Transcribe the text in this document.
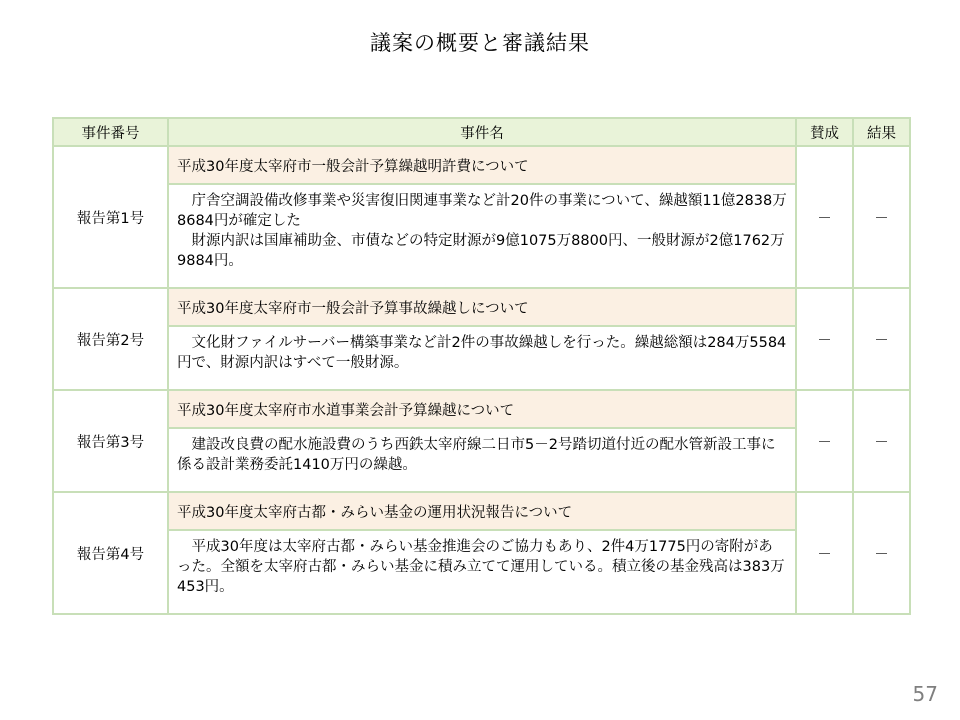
議案の概要と審議結果
事件番号	事件名	賛成	結果
報告第1号	平成30年度太宰府市一般会計予算繰越明許費について	－	－

	庁舎空調設備改修事業や災害復旧関連事業など計20件の事業について、繰越額11億2838万8684円が確定した
財源内訳は国庫補助金、市債などの特定財源が9億1075万8800円、一般財源が2億1762万9884円。		

報告第2号	平成30年度太宰府市一般会計予算事故繰越しについて	－	－

	文化財ファイルサーバー構築事業など計2件の事故繰越しを行った。繰越総額は284万5584円で、財源内訳はすべて一般財源。		

報告第3号	平成30年度太宰府市水道事業会計予算繰越について	－	－

	建設改良費の配水施設費のうち西鉄太宰府線二日市5－2号踏切道付近の配水管新設工事に係る設計業務委託1410万円の繰越。		

報告第4号	平成30年度太宰府古都・みらい基金の運用状況報告について	－	－

	平成30年度は太宰府古都・みらい基金推進会のご協力もあり、2件4万1775円の寄附があった。全額を太宰府古都・みらい基金に積み立てて運用している。積立後の基金残高は383万453円。		
57
